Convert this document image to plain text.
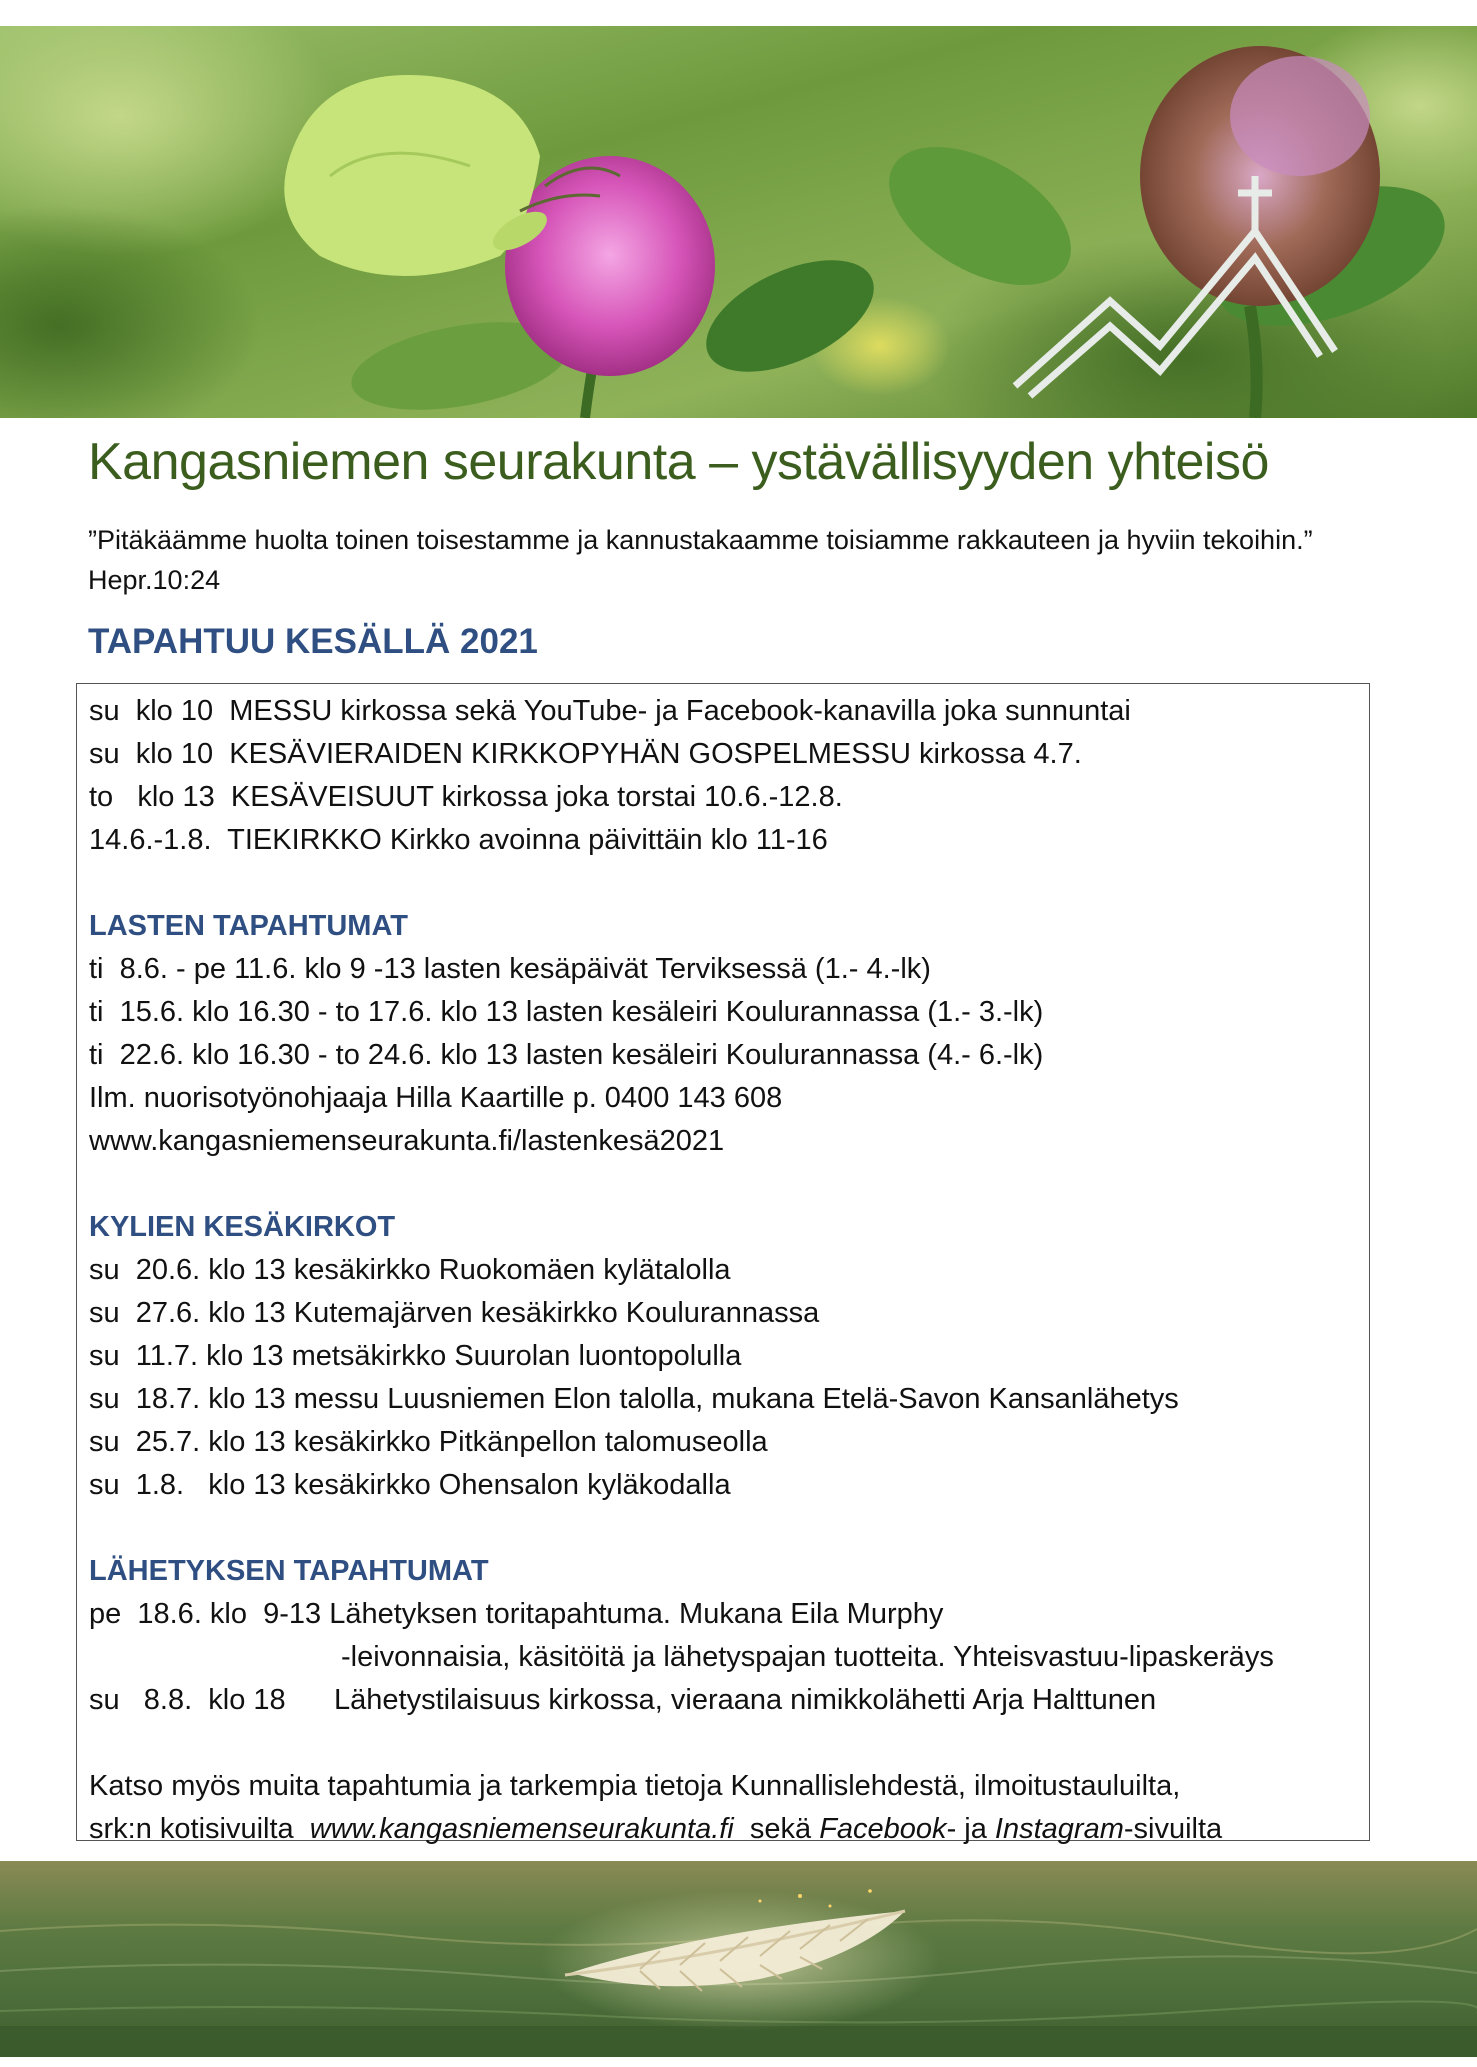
Kangasniemen seurakunta – ystävällisyyden yhteisö
”Pitäkäämme huolta toinen toisestamme ja kannustakaamme toisiamme rakkauteen ja hyviin tekoihin.”
Hepr.10:24
TAPAHTUU KESÄLLÄ 2021
su  klo 10  MESSU kirkossa sekä YouTube- ja Facebook-kanavilla joka sunnuntai
su  klo 10  KESÄVIERAIDEN KIRKKOPYHÄN GOSPELMESSU kirkossa 4.7.
to   klo 13  KESÄVEISUUT kirkossa joka torstai 10.6.-12.8.
14.6.-1.8.  TIEKIRKKO Kirkko avoinna päivittäin klo 11-16
LASTEN TAPAHTUMAT
ti  8.6. - pe 11.6. klo 9 -13 lasten kesäpäivät Terviksessä (1.- 4.-lk)
ti  15.6. klo 16.30 - to 17.6. klo 13 lasten kesäleiri Koulurannassa (1.- 3.-lk)
ti  22.6. klo 16.30 - to 24.6. klo 13 lasten kesäleiri Koulurannassa (4.- 6.-lk)
Ilm. nuorisotyönohjaaja Hilla Kaartille p. 0400 143 608
www.kangasniemenseurakunta.fi/lastenkesä2021
KYLIEN KESÄKIRKOT
su  20.6. klo 13 kesäkirkko Ruokomäen kylätalolla
su  27.6. klo 13 Kutemajärven kesäkirkko Koulurannassa
su  11.7. klo 13 metsäkirkko Suurolan luontopolulla
su  18.7. klo 13 messu Luusniemen Elon talolla, mukana Etelä-Savon Kansanlähetys
su  25.7. klo 13 kesäkirkko Pitkänpellon talomuseolla
su  1.8.   klo 13 kesäkirkko Ohensalon kyläkodalla
LÄHETYKSEN TAPAHTUMAT
pe  18.6. klo  9-13 Lähetyksen toritapahtuma. Mukana Eila Murphy
-leivonnaisia, käsitöitä ja lähetyspajan tuotteita. Yhteisvastuu-lipaskeräys
su   8.8.  klo 18      Lähetystilaisuus kirkossa, vieraana nimikkolähetti Arja Halttunen
Katso myös muita tapahtumia ja tarkempia tietoja Kunnallislehdestä, ilmoitustauluilta,
srk:n kotisivuilta  www.kangasniemenseurakunta.fi  sekä Facebook- ja Instagram-sivuilta
